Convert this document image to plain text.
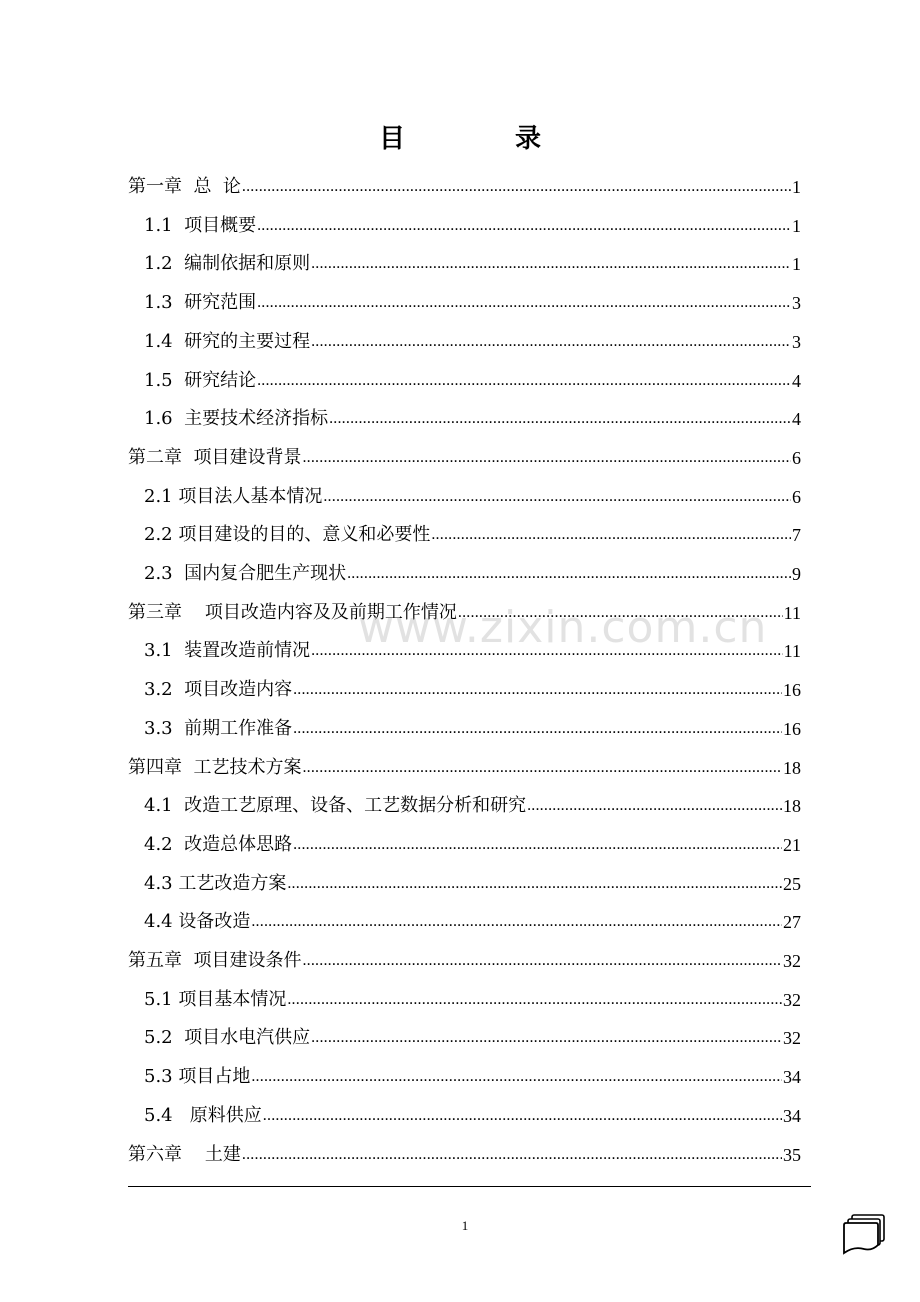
目	录
第一章  总  论 .....	1
1.1  项目概要 .....	1
1.2  编制依据和原则 .....	1
1.3  研究范围 .....	3
1.4  研究的主要过程 .....	3
1.5  研究结论 .....	4
1.6  主要技术经济指标 .....	4
第二章  项目建设背景 .....	6
2.1 项目法人基本情况 .....	6
2.2 项目建设的目的、意义和必要性 .....	7
2.3  国内复合肥生产现状 .....	9
第三章    项目改造内容及及前期工作情况 .....	11
3.1  装置改造前情况 .....	11
3.2  项目改造内容 .....	16
3.3  前期工作准备 .....	16
第四章  工艺技术方案 .....	18
4.1  改造工艺原理、设备、工艺数据分析和研究 .....	18
4.2  改造总体思路 .....	21
4.3 工艺改造方案 .....	25
4.4 设备改造 .....	27
第五章  项目建设条件 .....	32
5.1 项目基本情况 .....	32
5.2  项目水电汽供应 .....	32
5.3 项目占地 .....	34
5.4   原料供应 .....	34
第六章    土建 .....	35
www.zixin.com.cn
1
